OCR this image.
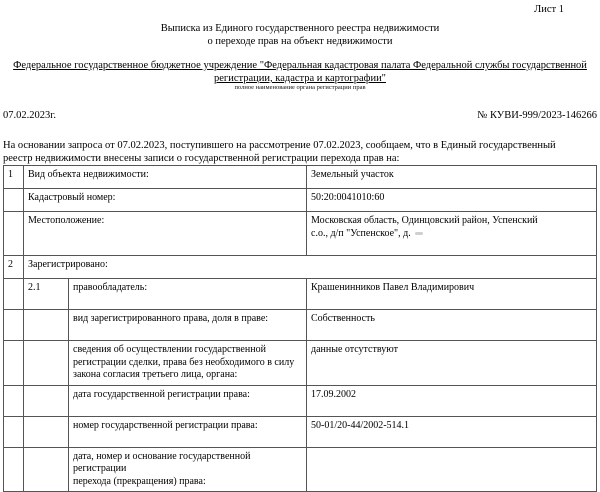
Лист 1
Выписка из Единого государственного реестра недвижимости
о переходе прав на объект недвижимости
Федеральное государственное бюджетное учреждение "Федеральная кадастровая палата Федеральной службы государственной
регистрации, кадастра и картографии"
полное наименование органа регистрации прав
07.02.2023г.	№ КУВИ-999/2023-146266
На основании запроса от 07.02.2023, поступившего на рассмотрение 07.02.2023, сообщаем, что в Единый государственный
реестр недвижимости внесены записи о государственной регистрации перехода прав на:
1	Вид объекта недвижимости:		Земельный участок
	Кадастровый номер:		50:20:0041010:60
	Местоположение:		Московская область, Одинцовский район, Успенский
с.о., д/п "Успенское", д.

2	Зарегистрировано:		
	2.1	правообладатель:	Крашенинников Павел Владимирович
		вид зарегистрированного права, доля в праве:	Собственность

		сведения об осуществлении государственной
регистрации сделки, права без необходимого в силу
закона согласия третьего лица, органа:	данные отсутствуют
		дата государственной регистрации права:	17.09.2002
		номер государственной регистрации права:	50-01/20-44/2002-514.1

		дата, номер и основание государственной регистрации
перехода (прекращения) права:	
